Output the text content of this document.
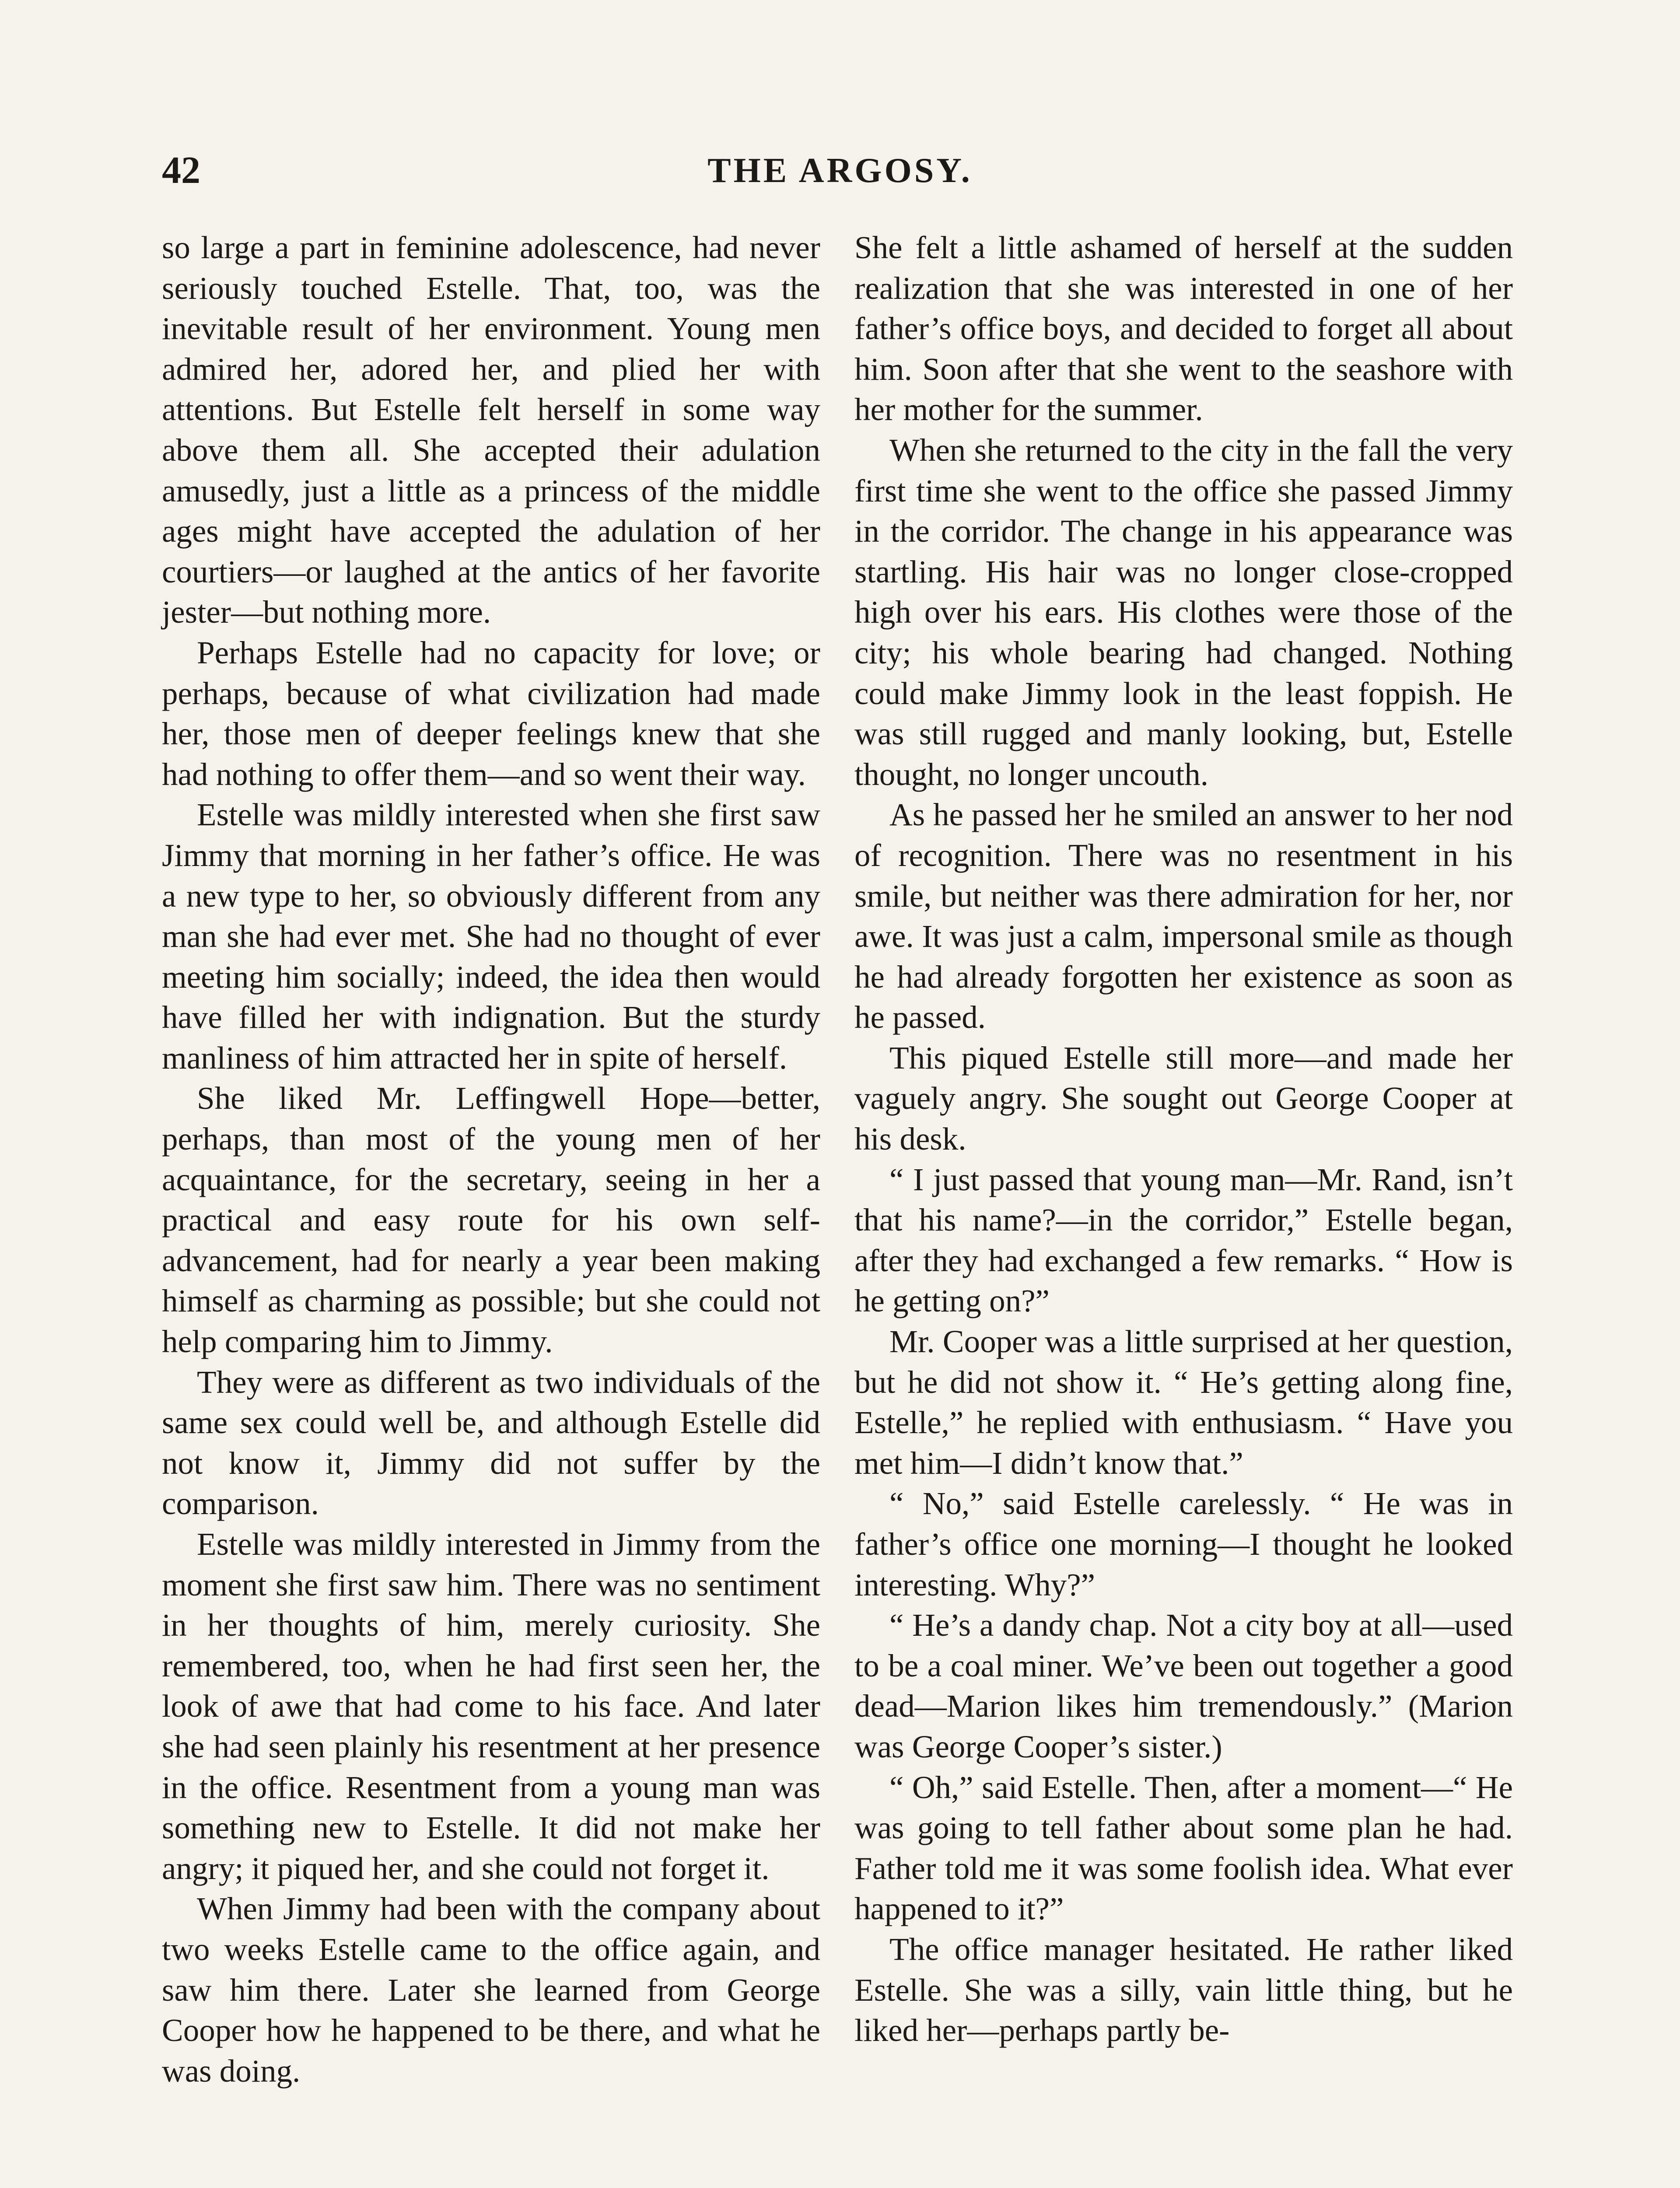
42	THE ARGOSY.

so large a part in feminine adolescence, had never seriously touched Estelle. That, too, was the inevitable result of her environment. Young men admired her, adored her, and plied her with attentions. But Estelle felt herself in some way above them all. She accepted their adulation amusedly, just a little as a princess of the middle ages might have accepted the adulation of her courtiers—or laughed at the antics of her favorite jester—but nothing more.

Perhaps Estelle had no capacity for love; or perhaps, because of what civilization had made her, those men of deeper feelings knew that she had nothing to offer them—and so went their way.

Estelle was mildly interested when she first saw Jimmy that morning in her father’s office. He was a new type to her, so obviously different from any man she had ever met. She had no thought of ever meeting him socially; indeed, the idea then would have filled her with indignation. But the sturdy manliness of him attracted her in spite of herself.

She liked Mr. Leffingwell Hope—better, perhaps, than most of the young men of her acquaintance, for the secretary, seeing in her a practical and easy route for his own self-advancement, had for nearly a year been making himself as charming as possible; but she could not help comparing him to Jimmy.

They were as different as two individuals of the same sex could well be, and although Estelle did not know it, Jimmy did not suffer by the comparison.

Estelle was mildly interested in Jimmy from the moment she first saw him. There was no sentiment in her thoughts of him, merely curiosity. She remembered, too, when he had first seen her, the look of awe that had come to his face. And later she had seen plainly his resentment at her presence in the office. Resentment from a young man was something new to Estelle. It did not make her angry; it piqued her, and she could not forget it.

When Jimmy had been with the company about two weeks Estelle came to the office again, and saw him there. Later she learned from George Cooper how he happened to be there, and what he was doing.

She felt a little ashamed of herself at the sudden realization that she was interested in one of her father’s office boys, and decided to forget all about him. Soon after that she went to the seashore with her mother for the summer.

When she returned to the city in the fall the very first time she went to the office she passed Jimmy in the corridor. The change in his appearance was startling. His hair was no longer close-cropped high over his ears. His clothes were those of the city; his whole bearing had changed. Nothing could make Jimmy look in the least foppish. He was still rugged and manly looking, but, Estelle thought, no longer uncouth.

As he passed her he smiled an answer to her nod of recognition. There was no resentment in his smile, but neither was there admiration for her, nor awe. It was just a calm, impersonal smile as though he had already forgotten her existence as soon as he passed.

This piqued Estelle still more—and made her vaguely angry. She sought out George Cooper at his desk.

“ I just passed that young man—Mr. Rand, isn’t that his name?—in the corridor,” Estelle began, after they had exchanged a few remarks. “ How is he getting on?”

Mr. Cooper was a little surprised at her question, but he did not show it. “ He’s getting along fine, Estelle,” he replied with enthusiasm. “ Have you met him—I didn’t know that.”

“ No,” said Estelle carelessly. “ He was in father’s office one morning—I thought he looked interesting. Why?”

“ He’s a dandy chap. Not a city boy at all—used to be a coal miner. We’ve been out together a good dead—Marion likes him tremendously.” (Marion was George Cooper’s sister.)

“ Oh,” said Estelle. Then, after a moment—“ He was going to tell father about some plan he had. Father told me it was some foolish idea. What ever happened to it?”

The office manager hesitated. He rather liked Estelle. She was a silly, vain little thing, but he liked her—perhaps partly be-
